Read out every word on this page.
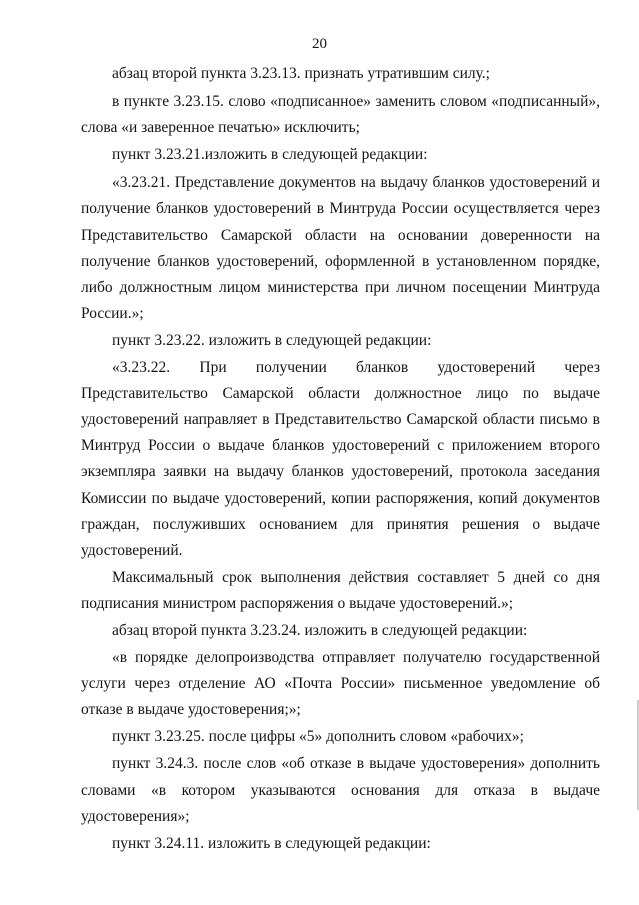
20

абзац второй пункта 3.23.13. признать утратившим силу.;

в пункте 3.23.15. слово «подписанное» заменить словом «подписанный», слова «и заверенное печатью» исключить;

пункт 3.23.21.изложить в следующей редакции:

«3.23.21. Представление документов на выдачу бланков удостоверений и получение бланков удостоверений в Минтруда России осуществляется через Представительство Самарской области на основании доверенности на получение бланков удостоверений, оформленной в установленном порядке, либо должностным лицом министерства при личном посещении Минтруда России.»;

пункт 3.23.22. изложить в следующей редакции:

«3.23.22. При получении бланков удостоверений через Представительство Самарской области должностное лицо по выдаче удостоверений направляет в Представительство Самарской области письмо в Минтруд России о выдаче бланков удостоверений с приложением второго экземпляра заявки на выдачу бланков удостоверений, протокола заседания Комиссии по выдаче удостоверений, копии распоряжения, копий документов граждан, послуживших основанием для принятия решения о выдаче удостоверений.

Максимальный срок выполнения действия составляет 5 дней со дня подписания министром распоряжения о выдаче удостоверений.»;

абзац второй пункта 3.23.24. изложить в следующей редакции:

«в порядке делопроизводства отправляет получателю государственной услуги через отделение АО «Почта России» письменное уведомление об отказе в выдаче удостоверения;»;

пункт 3.23.25. после цифры «5» дополнить словом «рабочих»;

пункт 3.24.3. после слов «об отказе в выдаче удостоверения» дополнить словами «в котором указываются основания для отказа в выдаче удостоверения»;

пункт 3.24.11. изложить в следующей редакции:
